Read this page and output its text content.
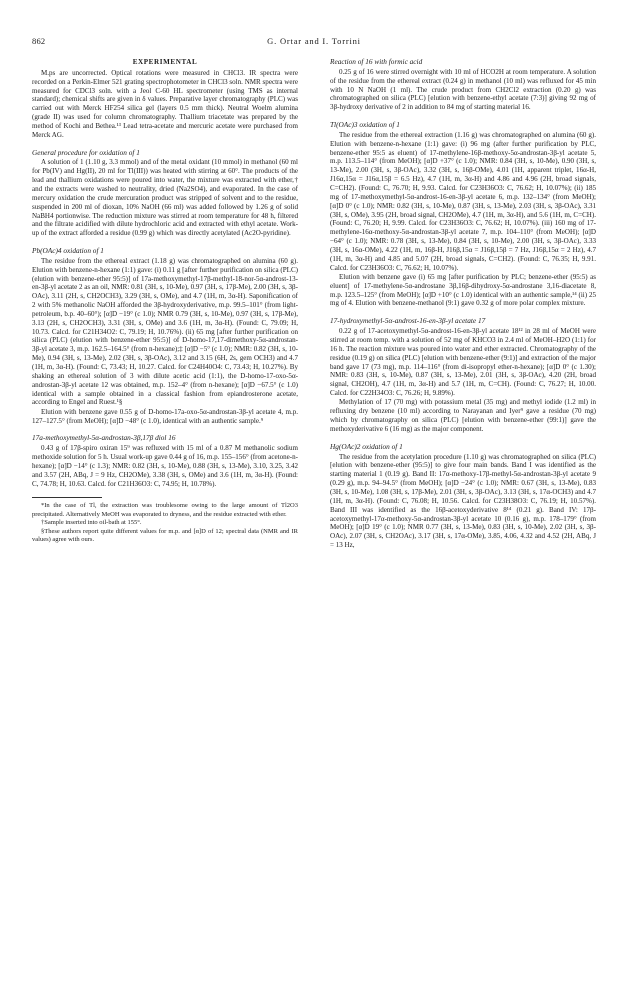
862	G. Ortar and I. Torrini
EXPERIMENTAL

M.ps are uncorrected. Optical rotations were measured in CHCl3. IR spectra were recorded on a Perkin-Elmer 521 grating spectrophotometer in CHCl3 soln. NMR spectra were measured for CDCl3 soln. with a Jeol C-60 HL spectrometer (using TMS as internal standard); chemical shifts are given in δ values. Preparative layer chromatography (PLC) was carried out with Merck HF254 silica gel (layers 0.5 mm thick). Neutral Woelm alumina (grade II) was used for column chromatography. Thallium triacetate was prepared by the method of Kochi and Bethea.¹³ Lead tetra-acetate and mercuric acetate were purchased from Merck AG.

General procedure for oxidation of 1

A solution of 1 (1.10 g, 3.3 mmol) and of the metal oxidant (10 mmol) in methanol (60 ml for Pb(IV) and Hg(II), 20 ml for Tl(III)) was heated with stirring at 60°. The products of the lead and thallium oxidations were poured into water, the mixture was extracted with ether,† and the extracts were washed to neutrality, dried (Na2SO4), and evaporated. In the case of mercury oxidation the crude mercuration product was stripped of solvent and to the residue, suspended in 200 ml of dioxan, 10% NaOH (66 ml) was added followed by 1.26 g of solid NaBH4 portionwise. The reduction mixture was stirred at room temperature for 48 h, filtered and the filtrate acidified with dilute hydrochloric acid and extracted with ethyl acetate. Work-up of the extract afforded a residue (0.99 g) which was directly acetylated (Ac2O-pyridine).

Pb(OAc)4 oxidation of 1

The residue from the ethereal extract (1.18 g) was chromatographed on alumina (60 g). Elution with benzene-n-hexane (1:1) gave: (i) 0.11 g [after further purification on silica (PLC) (elution with benzene-ether 95:5)] of 17a-methoxymethyl-17β-methyl-18-nor-5α-androst-13-en-3β-yl acetate 2 as an oil, NMR: 0.81 (3H, s, 10-Me), 0.97 (3H, s, 17β-Me), 2.00 (3H, s, 3β-OAc), 3.11 (2H, s, CH2OCH3), 3.29 (3H, s, OMe), and 4.7 (1H, m, 3α-H). Saponification of 2 with 5% methanolic NaOH afforded the 3β-hydroxyderivative, m.p. 99.5–101° (from light-petroleum, b.p. 40–60°); [α]D −19° (c 1.0); NMR 0.79 (3H, s, 10-Me), 0.97 (3H, s, 17β-Me), 3.13 (2H, s, CH2OCH3), 3.31 (3H, s, OMe) and 3.6 (1H, m, 3α-H). (Found: C, 79.09; H, 10.73. Calcd. for C21H34O2: C, 79.19; H, 10.76%). (ii) 65 mg [after further purification on silica (PLC) (elution with benzene-ether 95:5)] of D-homo-17,17-dimethoxy-5α-androstan-3β-yl acetate 3, m.p. 162.5–164.5° (from n-hexane);‡ [α]D −5° (c 1.0); NMR: 0.82 (3H, s, 10-Me), 0.94 (3H, s, 13-Me), 2.02 (3H, s, 3β-OAc), 3.12 and 3.15 (6H, 2s, gem OCH3) and 4.7 (1H, m, 3α-H). (Found: C, 73.43; H, 10.27. Calcd. for C24H40O4: C, 73.43; H, 10.27%). By shaking an ethereal solution of 3 with dilute acetic acid (1:1), the D-homo-17-oxo-5α-androstan-3β-yl acetate 12 was obtained, m.p. 152–4° (from n-hexane); [α]D −67.5° (c 1.0) identical with a sample obtained in a classical fashion from epiandrosterone acetate, according to Engel and Ruest.¹§

Elution with benzene gave 0.55 g of D-homo-17a-oxo-5α-androstan-3β-yl acetate 4, m.p. 127–127.5° (from MeOH); [α]D −48° (c 1.0), identical with an authentic sample.⁹

17a-methoxymethyl-5α-androstan-3β,17β diol 16

0.43 g of 17β-spiro oxiran 15⁹ was refluxed with 15 ml of a 0.87 M methanolic sodium methoxide solution for 5 h. Usual work-up gave 0.44 g of 16, m.p. 155–156° (from acetone-n-hexane); [α]D −14° (c 1.3); NMR: 0.82 (3H, s, 10-Me), 0.88 (3H, s, 13-Me), 3.10, 3.25, 3.42 and 3.57 (2H, ABq, J = 9 Hz, CH2OMe), 3.38 (3H, s, OMe) and 3.6 (1H, m, 3α-H). (Found: C, 74.78; H, 10.63. Calcd. for C21H36O3: C, 74.95; H, 10.78%).

*In the case of Tl, the extraction was troublesome owing to the large amount of Tl2O3 precipitated. Alternatively MeOH was evaporated to dryness, and the residue extracted with ether.

†Sample inserted into oil-bath at 155°.

§These authors report quite different values for m.p. and [α]D of 12; spectral data (NMR and IR values) agree with ours.

Reaction of 16 with formic acid

0.25 g of 16 were stirred overnight with 10 ml of HCO2H at room temperature. A solution of the residue from the ethereal extract (0.24 g) in methanol (10 ml) was refluxed for 45 min with 10 N NaOH (1 ml). The crude product from CH2Cl2 extraction (0.20 g) was chromatographed on silica (PLC) [elution with benzene-ethyl acetate (7:3)] giving 92 mg of 3β-hydroxy derivative of 2 in addition to 84 mg of starting material 16.

Tl(OAc)3 oxidation of 1

The residue from the ethereal extraction (1.16 g) was chromatographed on alumina (60 g). Elution with benzene-n-hexane (1:1) gave: (i) 96 mg (after further purification by PLC, benzene-ether 95:5 as eluent) of 17-methylene-16β-methoxy-5α-androstan-3β-yl acetate 5, m.p. 113.5–114° (from MeOH); [α]D +37° (c 1.0); NMR: 0.84 (3H, s, 10-Me), 0.90 (3H, s, 13-Me), 2.00 (3H, s, 3β-OAc), 3.32 (3H, s, 16β-OMe), 4.01 (1H, apparent triplet, 16α-H, J16α,15α = J16α,15β = 6.5 Hz), 4.7 (1H, m, 3α-H) and 4.86 and 4.96 (2H, broad signals, C=CH2). (Found: C, 76.70; H, 9.93. Calcd. for C23H36O3: C, 76.62; H, 10.07%); (ii) 185 mg of 17-methoxymethyl-5α-androst-16-en-3β-yl acetate 6, m.p. 132–134° (from MeOH); [α]D 0° (c 1.0); NMR: 0.82 (3H, s, 10-Me), 0.87 (3H, s, 13-Me), 2.03 (3H, s, 3β-OAc), 3.31 (3H, s, OMe), 3.95 (2H, broad signal, CH2OMe), 4.7 (1H, m, 3α-H), and 5.6 (1H, m, C=CH). (Found: C, 76.20; H, 9.99. Calcd. for C23H36O3: C, 76.62; H, 10.07%). (iii) 160 mg of 17-methylene-16α-methoxy-5α-androstan-3β-yl acetate 7, m.p. 104–110° (from MeOH); [α]D −64° (c 1.0); NMR: 0.78 (3H, s, 13-Me), 0.84 (3H, s, 10-Me), 2.00 (3H, s, 3β-OAc), 3.33 (3H, s, 16α-OMe), 4.22 (1H, m, 16β-H, J16β,15α = J16β,15β = 7 Hz, J16β,15α = 2 Hz), 4.7 (1H, m, 3α-H) and 4.85 and 5.07 (2H, broad signals, C=CH2). (Found: C, 76.35; H, 9.91. Calcd. for C23H36O3: C, 76.62; H, 10.07%).

Elution with benzene gave (i) 65 mg [after purification by PLC; benzene-ether (95:5) as eluent] of 17-methylene-5α-androstane 3β,16β-dihydroxy-5α-androstane 3,16-diacetate 8, m.p. 123.5–125° (from MeOH); [α]D +10° (c 1.0) identical with an authentic sample,¹⁴ (ii) 25 mg of 4. Elution with benzene-methanol (9:1) gave 0.32 g of more polar complex mixture.

17-hydroxymethyl-5α-androst-16-en-3β-yl acetate 17

0.22 g of 17-acetoxymethyl-5α-androst-16-en-3β-yl acetate 18¹² in 28 ml of MeOH were stirred at room temp. with a solution of 52 mg of KHCO3 in 2.4 ml of MeOH–H2O (1:1) for 16 h. The reaction mixture was poured into water and ether extracted. Chromatography of the residue (0.19 g) on silica (PLC) [elution with benzene-ether (9:1)] and extraction of the major band gave 17 (73 mg), m.p. 114–116° (from di-isopropyl ether-n-hexane); [α]D 0° (c 1.30); NMR: 0.83 (3H, s, 10-Me), 0.87 (3H, s, 13-Me), 2.01 (3H, s, 3β-OAc), 4.20 (2H, broad signal, CH2OH), 4.7 (1H, m, 3α-H) and 5.7 (1H, m, C=CH). (Found: C, 76.27; H, 10.00. Calcd. for C22H34O3: C, 76.26; H, 9.89%).

Methylation of 17 (70 mg) with potassium metal (35 mg) and methyl iodide (1.2 ml) in refluxing dry benzene (10 ml) according to Narayanan and Iyer⁹ gave a residue (70 mg) which by chromatography on silica (PLC) [elution with benzene-ether (99:1)] gave the methoxyderivative 6 (16 mg) as the major component.

Hg(OAc)2 oxidation of 1

The residue from the acetylation procedure (1.10 g) was chromatographed on silica (PLC) [elution with benzene-ether (95:5)] to give four main bands. Band I was identified as the starting material 1 (0.19 g). Band II: 17α-methoxy-17β-methyl-5α-androstan-3β-yl acetate 9 (0.29 g), m.p. 94–94.5° (from MeOH); [α]D −24° (c 1.0); NMR: 0.67 (3H, s, 13-Me), 0.83 (3H, s, 10-Me), 1.08 (3H, s, 17β-Me), 2.01 (3H, s, 3β-OAc), 3.13 (3H, s, 17α-OCH3) and 4.7 (1H, m, 3α-H). (Found: C, 76.08; H, 10.56. Calcd. for C23H38O3: C, 76.19; H, 10.57%). Band III was identified as the 16β-acetoxyderivative 8¹⁴ (0.21 g). Band IV: 17β-acetoxymethyl-17α-methoxy-5α-androstan-3β-yl acetate 10 (0.16 g), m.p. 178–179° (from MeOH); [α]D 19° (c 1.0); NMR 0.77 (3H, s, 13-Me), 0.83 (3H, s, 10-Me), 2.02 (3H, s, 3β-OAc), 2.07 (3H, s, CH2OAc), 3.17 (3H, s, 17α-OMe), 3.85, 4.06, 4.32 and 4.52 (2H, ABq, J = 13 Hz,
